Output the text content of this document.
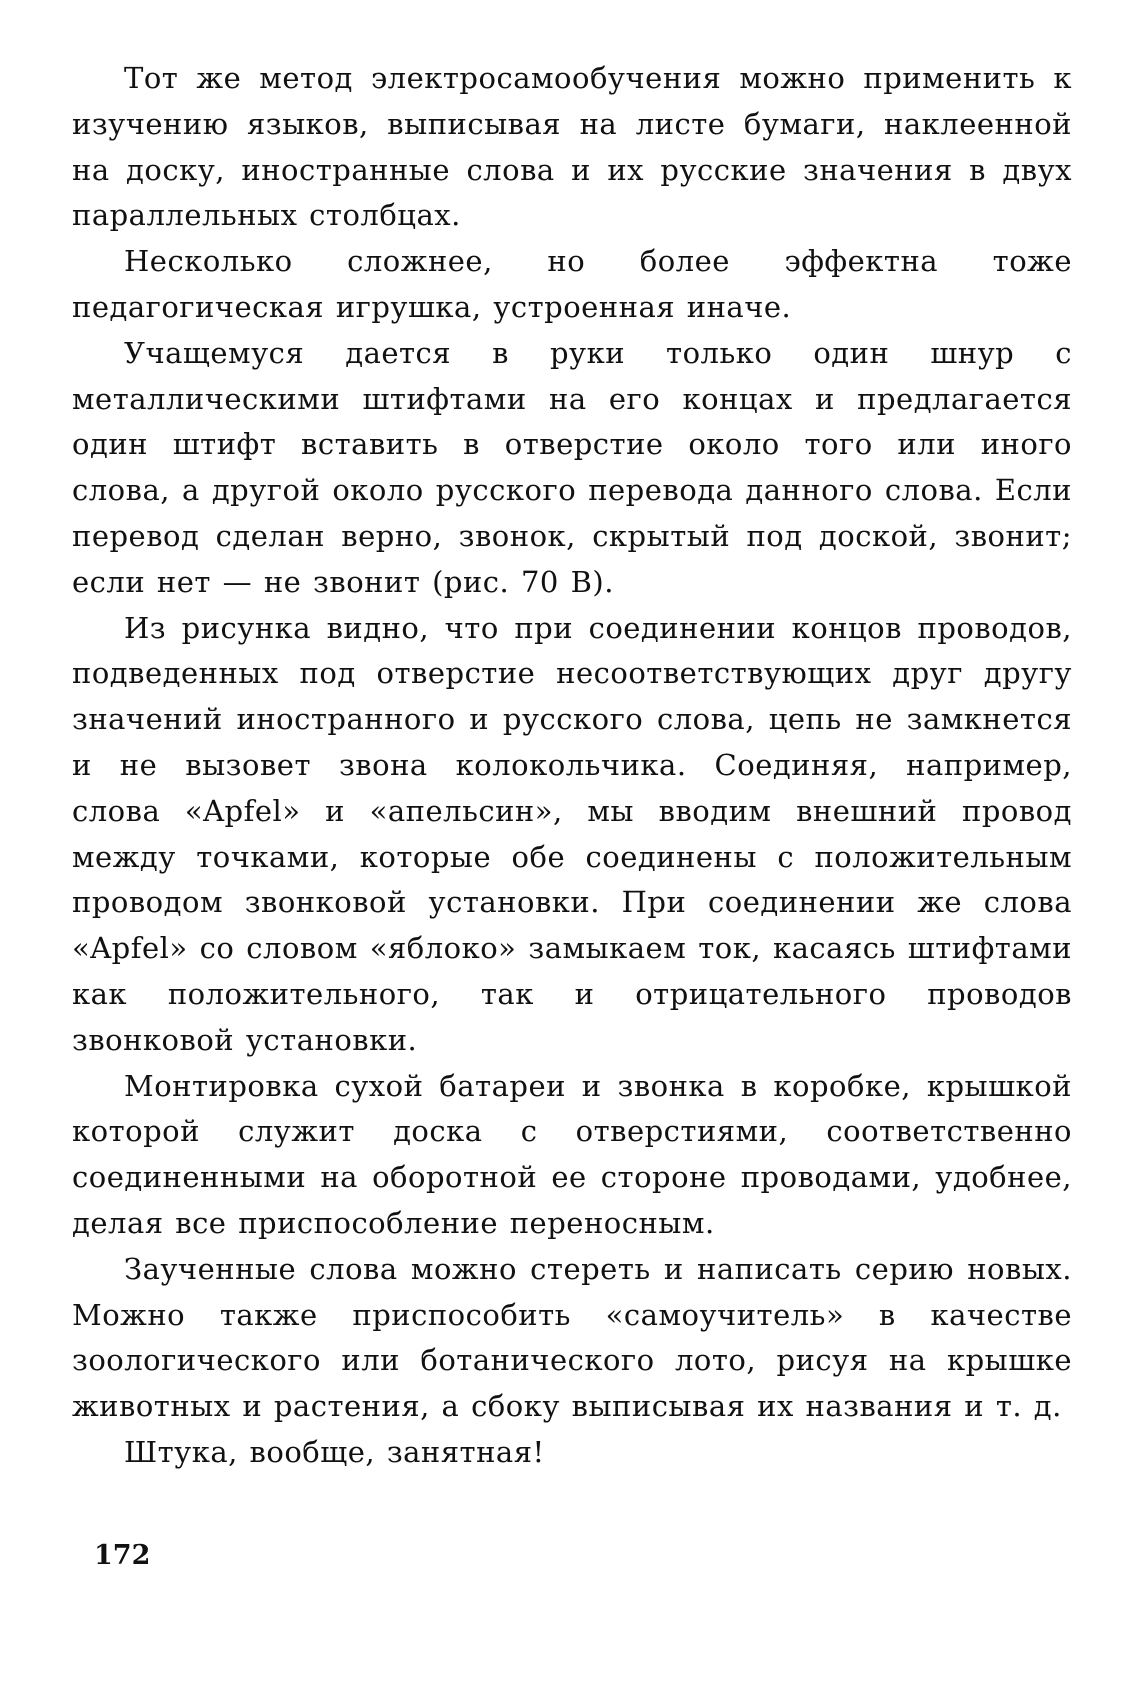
Тот же метод электросамообучения можно применить к изучению языков, выписывая на листе бумаги, наклеенной на доску, иностранные слова и их русские значения в двух параллельных столбцах.

Несколько сложнее, но более эффектна тоже педагогическая игрушка, устроенная иначе.

Учащемуся дается в руки только один шнур с металлическими штифтами на его концах и предлагается один штифт вставить в отверстие около того или иного слова, а другой около русского перевода данного слова. Если перевод сделан верно, звонок, скрытый под доской, звонит; если нет — не звонит (рис. 70 В).

Из рисунка видно, что при соединении концов проводов, подведенных под отверстие несоответствующих друг другу значений иностранного и русского слова, цепь не замкнется и не вызовет звона колокольчика. Соединяя, например, слова «Apfel» и «апельсин», мы вводим внешний провод между точками, которые обе соединены с положительным проводом звонковой установки. При соединении же слова «Apfel» со словом «яблоко» замыкаем ток, касаясь штифтами как положительного, так и отрицательного проводов звонковой установки.

Монтировка сухой батареи и звонка в коробке, крышкой которой служит доска с отверстиями, соответственно соединенными на оборотной ее стороне проводами, удобнее, делая все приспособление переносным.

Заученные слова можно стереть и написать серию новых. Можно также приспособить «самоучитель» в качестве зоологического или ботанического лото, рисуя на крышке животных и растения, а сбоку выписывая их названия и т. д.

Штука, вообще, занятная!

172
